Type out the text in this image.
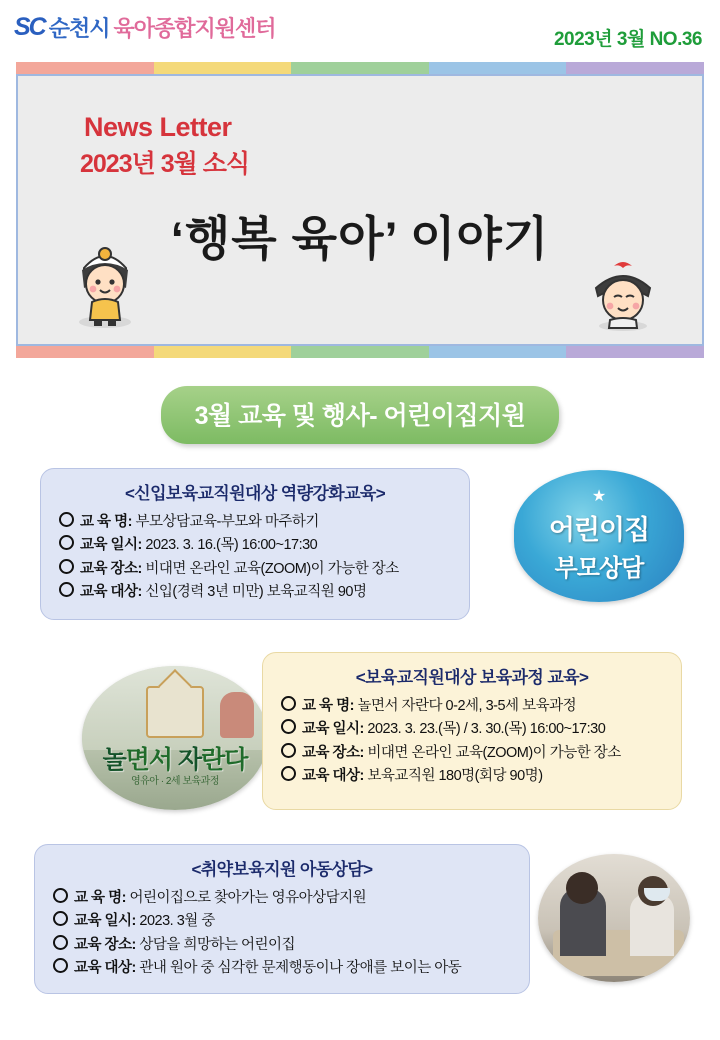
SC 순천시 육아종합지원센터	2023년 3월 NO.36
News Letter
2023년 3월 소식
‘행복 육아’ 이야기
3월 교육 및 행사- 어린이집지원
<신입보육교직원대상 역량강화교육>
교 육 명: 부모상담교육-부모와 마주하기
교육 일시: 2023. 3. 16.(목) 16:00~17:30
교육 장소: 비대면 온라인 교육(ZOOM)이 가능한 장소
교육 대상: 신입(경력 3년 미만) 보육교직원 90명
★
어린이집
부모상담
놀면서 자란다
영유아 · 2세 보육과정
<보육교직원대상 보육과정 교육>
교 육 명: 놀면서 자란다 0-2세, 3-5세 보육과정
교육 일시: 2023. 3. 23.(목) / 3. 30.(목) 16:00~17:30
교육 장소: 비대면 온라인 교육(ZOOM)이 가능한 장소
교육 대상: 보육교직원 180명(회당 90명)
<취약보육지원 아동상담>
교 육 명: 어린이집으로 찾아가는 영유아상담지원
교육 일시: 2023. 3월 중
교육 장소: 상담을 희망하는 어린이집
교육 대상: 관내 원아 중 심각한 문제행동이나 장애를 보이는 아동
